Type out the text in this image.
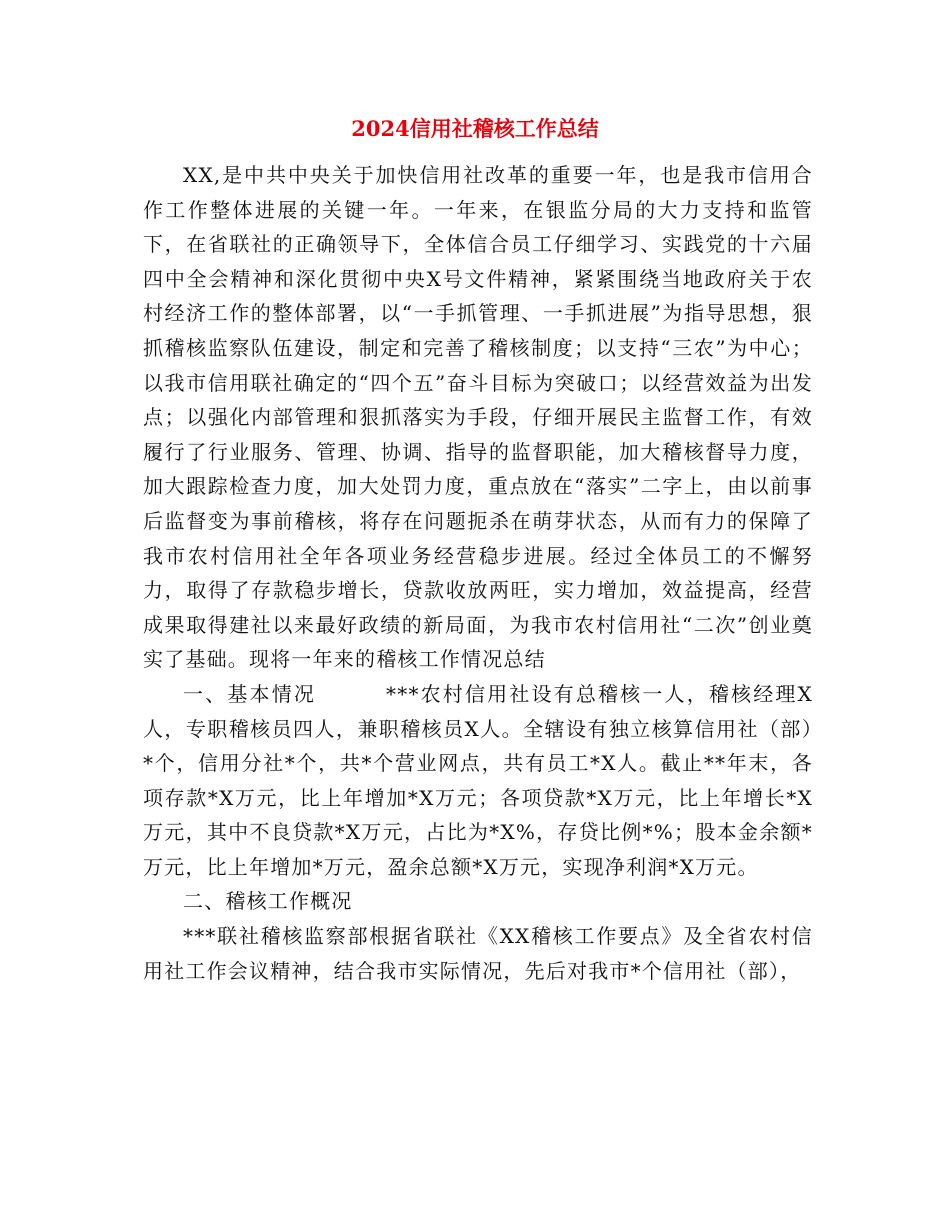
2024信用社稽核工作总结

XX,是中共中央关于加快信用社改革的重要一年，也是我市信用合作工作整体进展的关键一年。一年来，在银监分局的大力支持和监管下，在省联社的正确领导下，全体信合员工仔细学习、实践党的十六届四中全会精神和深化贯彻中央X号文件精神，紧紧围绕当地政府关于农村经济工作的整体部署，以“一手抓管理、一手抓进展”为指导思想，狠抓稽核监察队伍建设，制定和完善了稽核制度；以支持“三农”为中心；以我市信用联社确定的“四个五”奋斗目标为突破口；以经营效益为出发点；以强化内部管理和狠抓落实为手段，仔细开展民主监督工作，有效履行了行业服务、管理、协调、指导的监督职能，加大稽核督导力度，加大跟踪检查力度，加大处罚力度，重点放在“落实”二字上，由以前事后监督变为事前稽核，将存在问题扼杀在萌芽状态，从而有力的保障了我市农村信用社全年各项业务经营稳步进展。经过全体员工的不懈努力，取得了存款稳步增长，贷款收放两旺，实力增加，效益提高，经营成果取得建社以来最好政绩的新局面，为我市农村信用社“二次”创业奠实了基础。现将一年来的稽核工作情况总结

一、基本情况	***农村信用社设有总稽核一人，稽核经理X人，专职稽核员四人，兼职稽核员X人。全辖设有独立核算信用社（部）*个，信用分社*个，共*个营业网点，共有员工*X人。截止**年末，各项存款*X万元，比上年增加*X万元；各项贷款*X万元，比上年增长*X万元，其中不良贷款*X万元，占比为*X%，存贷比例*%；股本金余额*万元，比上年增加*万元，盈余总额*X万元，实现净利润*X万元。

二、稽核工作概况

***联社稽核监察部根据省联社《XX稽核工作要点》及全省农村信用社工作会议精神，结合我市实际情况，先后对我市*个信用社（部），
